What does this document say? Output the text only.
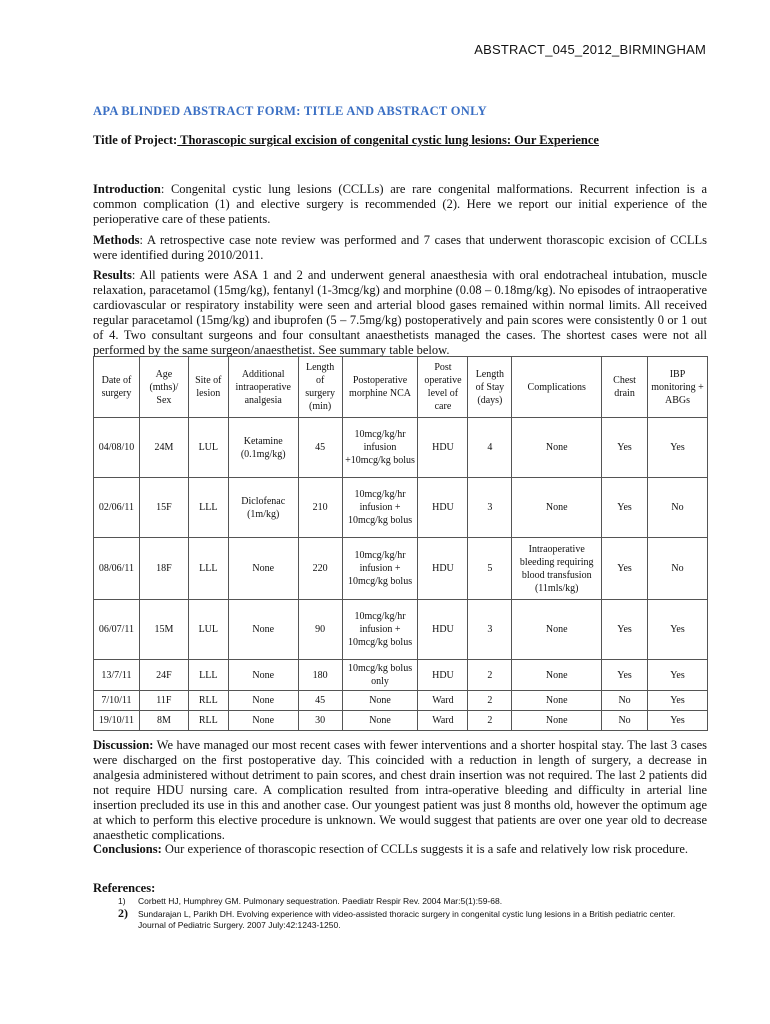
ABSTRACT_045_2012_BIRMINGHAM
APA BLINDED ABSTRACT FORM: TITLE AND ABSTRACT ONLY
Title of Project: Thorascopic surgical excision of congenital cystic lung lesions: Our Experience
Introduction: Congenital cystic lung lesions (CCLLs) are rare congenital malformations. Recurrent infection is a common complication (1) and elective surgery is recommended (2). Here we report our initial experience of the perioperative care of these patients.
Methods: A retrospective case note review was performed and 7 cases that underwent thorascopic excision of CCLLs were identified during 2010/2011.
Results: All patients were ASA 1 and 2 and underwent general anaesthesia with oral endotracheal intubation, muscle relaxation, paracetamol (15mg/kg), fentanyl (1-3mcg/kg) and morphine (0.08 – 0.18mg/kg). No episodes of intraoperative cardiovascular or respiratory instability were seen and arterial blood gases remained within normal limits. All received regular paracetamol (15mg/kg) and ibuprofen (5 – 7.5mg/kg) postoperatively and pain scores were consistently 0 or 1 out of 4. Two consultant surgeons and four consultant anaesthetists managed the cases. The shortest cases were not all performed by the same surgeon/anaesthetist. See summary table below.
Date of surgery	Age (mths)/ Sex	Site of lesion	Additional intraoperative analgesia	Length of surgery (min)	Postoperative morphine NCA	Post operative level of care	Length of Stay (days)	Complications	Chest drain	IBP monitoring + ABGs
04/08/10	24M	LUL	Ketamine (0.1mg/kg)	45	10mcg/kg/hr infusion +10mcg/kg bolus	HDU	4	None	Yes	Yes
02/06/11	15F	LLL	Diclofenac (1m/kg)	210	10mcg/kg/hr infusion + 10mcg/kg bolus	HDU	3	None	Yes	No
08/06/11	18F	LLL	None	220	10mcg/kg/hr infusion + 10mcg/kg bolus	HDU	5	Intraoperative bleeding requiring blood transfusion (11mls/kg)	Yes	No
06/07/11	15M	LUL	None	90	10mcg/kg/hr infusion + 10mcg/kg bolus	HDU	3	None	Yes	Yes
13/7/11	24F	LLL	None	180	10mcg/kg bolus only	HDU	2	None	Yes	Yes
7/10/11	11F	RLL	None	45	None	Ward	2	None	No	Yes
19/10/11	8M	RLL	None	30	None	Ward	2	None	No	Yes
Discussion: We have managed our most recent cases with fewer interventions and a shorter hospital stay. The last 3 cases were discharged on the first postoperative day. This coincided with a reduction in length of surgery, a decrease in analgesia administered without detriment to pain scores, and chest drain insertion was not required. The last 2 patients did not require HDU nursing care. A complication resulted from intra-operative bleeding and difficulty in arterial line insertion precluded its use in this and another case. Our youngest patient was just 8 months old, however the optimum age at which to perform this elective procedure is unknown. We would suggest that patients are over one year old to decrease anaesthetic complications.
Conclusions: Our experience of thorascopic resection of CCLLs suggests it is a safe and relatively low risk procedure.
References:
1) Corbett HJ, Humphrey GM. Pulmonary sequestration. Paediatr Respir Rev. 2004 Mar:5(1):59-68.
2) Sundarajan L, Parikh DH. Evolving experience with video-assisted thoracic surgery in congenital cystic lung lesions in a British pediatric center. Journal of Pediatric Surgery. 2007 July:42:1243-1250.
